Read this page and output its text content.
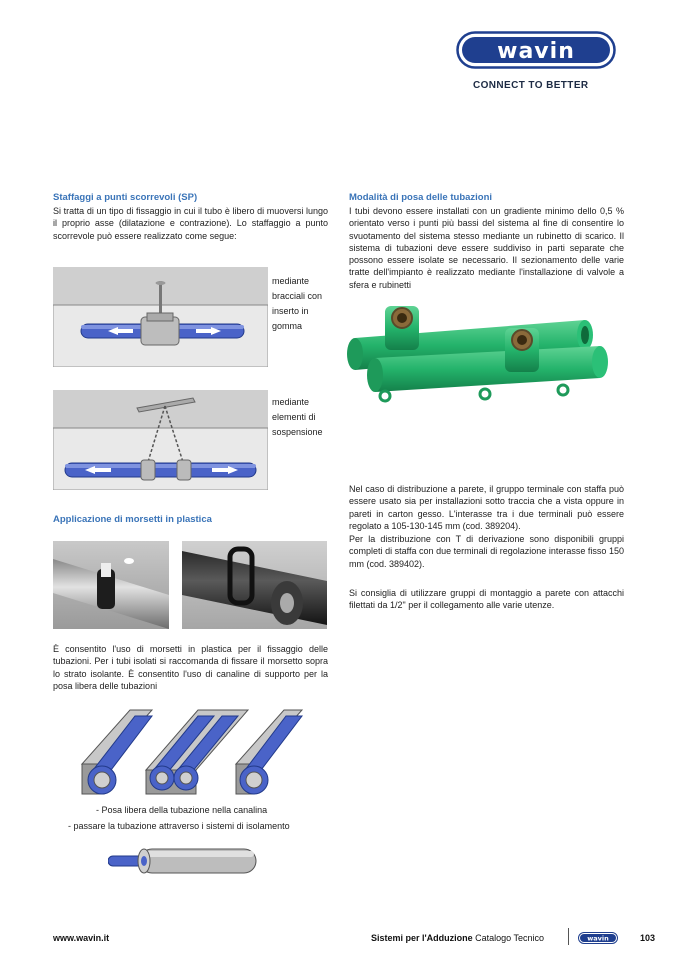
wavin
CONNECT TO BETTER
Staffaggi a punti scorrevoli (SP)
Si tratta di un tipo di fissaggio in cui il tubo è libero di muoversi lungo il proprio asse (dilatazione e contrazione). Lo staffaggio a punto scorrevole può essere realizzato come segue:
mediante
bracciali con
inserto in
gomma
mediante
elementi di
sospensione
Applicazione di morsetti in plastica
È consentito l'uso di morsetti in plastica per il fissaggio delle tubazioni. Per i tubi isolati si raccomanda di fissare il morsetto sopra lo strato isolante. È consentito l'uso di canaline di supporto per la posa libera delle tubazioni
- Posa libera della tubazione nella canalina
- passare la tubazione attraverso i sistemi di isolamento
Modalità di posa delle tubazioni
I tubi devono essere installati con un gradiente minimo dello 0,5 % orientato verso i punti più bassi del sistema al fine di consentire lo svuotamento del sistema stesso mediante un rubinetto di scarico. Il sistema di tubazioni deve essere suddiviso in parti separate che possono essere isolate se necessario. Il sezionamento delle varie tratte dell'impianto è realizzato mediante l'installazione di valvole a sfera e rubinetti
Nel caso di distribuzione a parete, il gruppo terminale con staffa può essere usato sia per installazioni sotto traccia che a vista oppure in pareti in carton gesso. L'interasse tra i due terminali può essere regolato a 105-130-145 mm (cod. 389204).
Per la distribuzione con T di derivazione sono disponibili gruppi completi di staffa con due terminali di regolazione interasse fisso 150 mm (cod. 389402).
Si consiglia di utilizzare gruppi di montaggio a parete con attacchi filettati da 1/2" per il collegamento alle varie utenze.
www.wavin.it	Sistemi per l'Adduzione Catalogo Tecnico	wavin	103
